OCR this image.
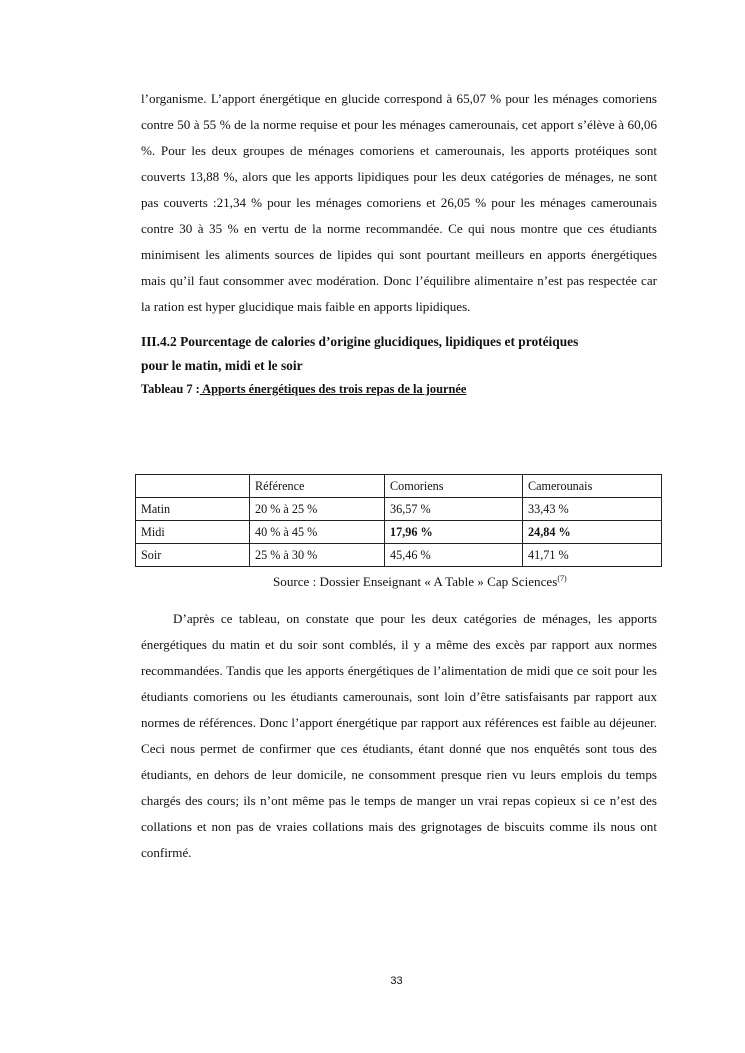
l’organisme. L’apport énergétique en glucide correspond à 65,07 % pour les ménages comoriens contre 50 à 55 % de la norme requise et pour les ménages camerounais, cet apport s’élève à 60,06 %. Pour les deux groupes de ménages comoriens et camerounais, les apports protéiques sont couverts 13,88 %, alors que les apports lipidiques pour les deux catégories de ménages, ne sont pas couverts :21,34 % pour les ménages comoriens et 26,05 % pour les ménages camerounais contre 30 à 35 % en vertu de la norme recommandée. Ce qui nous montre que ces étudiants minimisent les aliments sources de lipides qui sont pourtant meilleurs en apports énergétiques mais qu’il faut consommer avec modération. Donc l’équilibre alimentaire n’est pas respectée car la ration est hyper glucidique mais faible en apports lipidiques.

III.4.2 Pourcentage de calories d’origine glucidiques, lipidiques et protéiques
pour le matin, midi et le soir

Tableau 7 : Apports énergétiques des trois repas de la journée

	Référence	Comoriens	Camerounais
Matin	20 % à 25 %	36,57 %	33,43 %
Midi	40 % à 45 %	17,96 %	24,84 %
Soir	25 % à 30 %	45,46 %	41,71 %
Source : Dossier Enseignant « A Table » Cap Sciences$^{(7)}$

D’après ce tableau, on constate que pour les deux catégories de ménages, les apports énergétiques du matin et du soir sont comblés, il y a même des excès par rapport aux normes recommandées. Tandis que les apports énergétiques de l’alimentation de midi que ce soit pour les étudiants comoriens ou les étudiants camerounais, sont loin d’être satisfaisants par rapport aux normes de références. Donc l’apport énergétique par rapport aux références est faible au déjeuner. Ceci nous permet de confirmer que ces étudiants, étant donné que nos enquêtés sont tous des étudiants, en dehors de leur domicile, ne consomment presque rien vu leurs emplois du temps chargés des cours; ils n’ont même pas le temps de manger un vrai repas copieux si ce n’est des collations et non pas de vraies collations mais des grignotages de biscuits comme ils nous ont confirmé.

33
